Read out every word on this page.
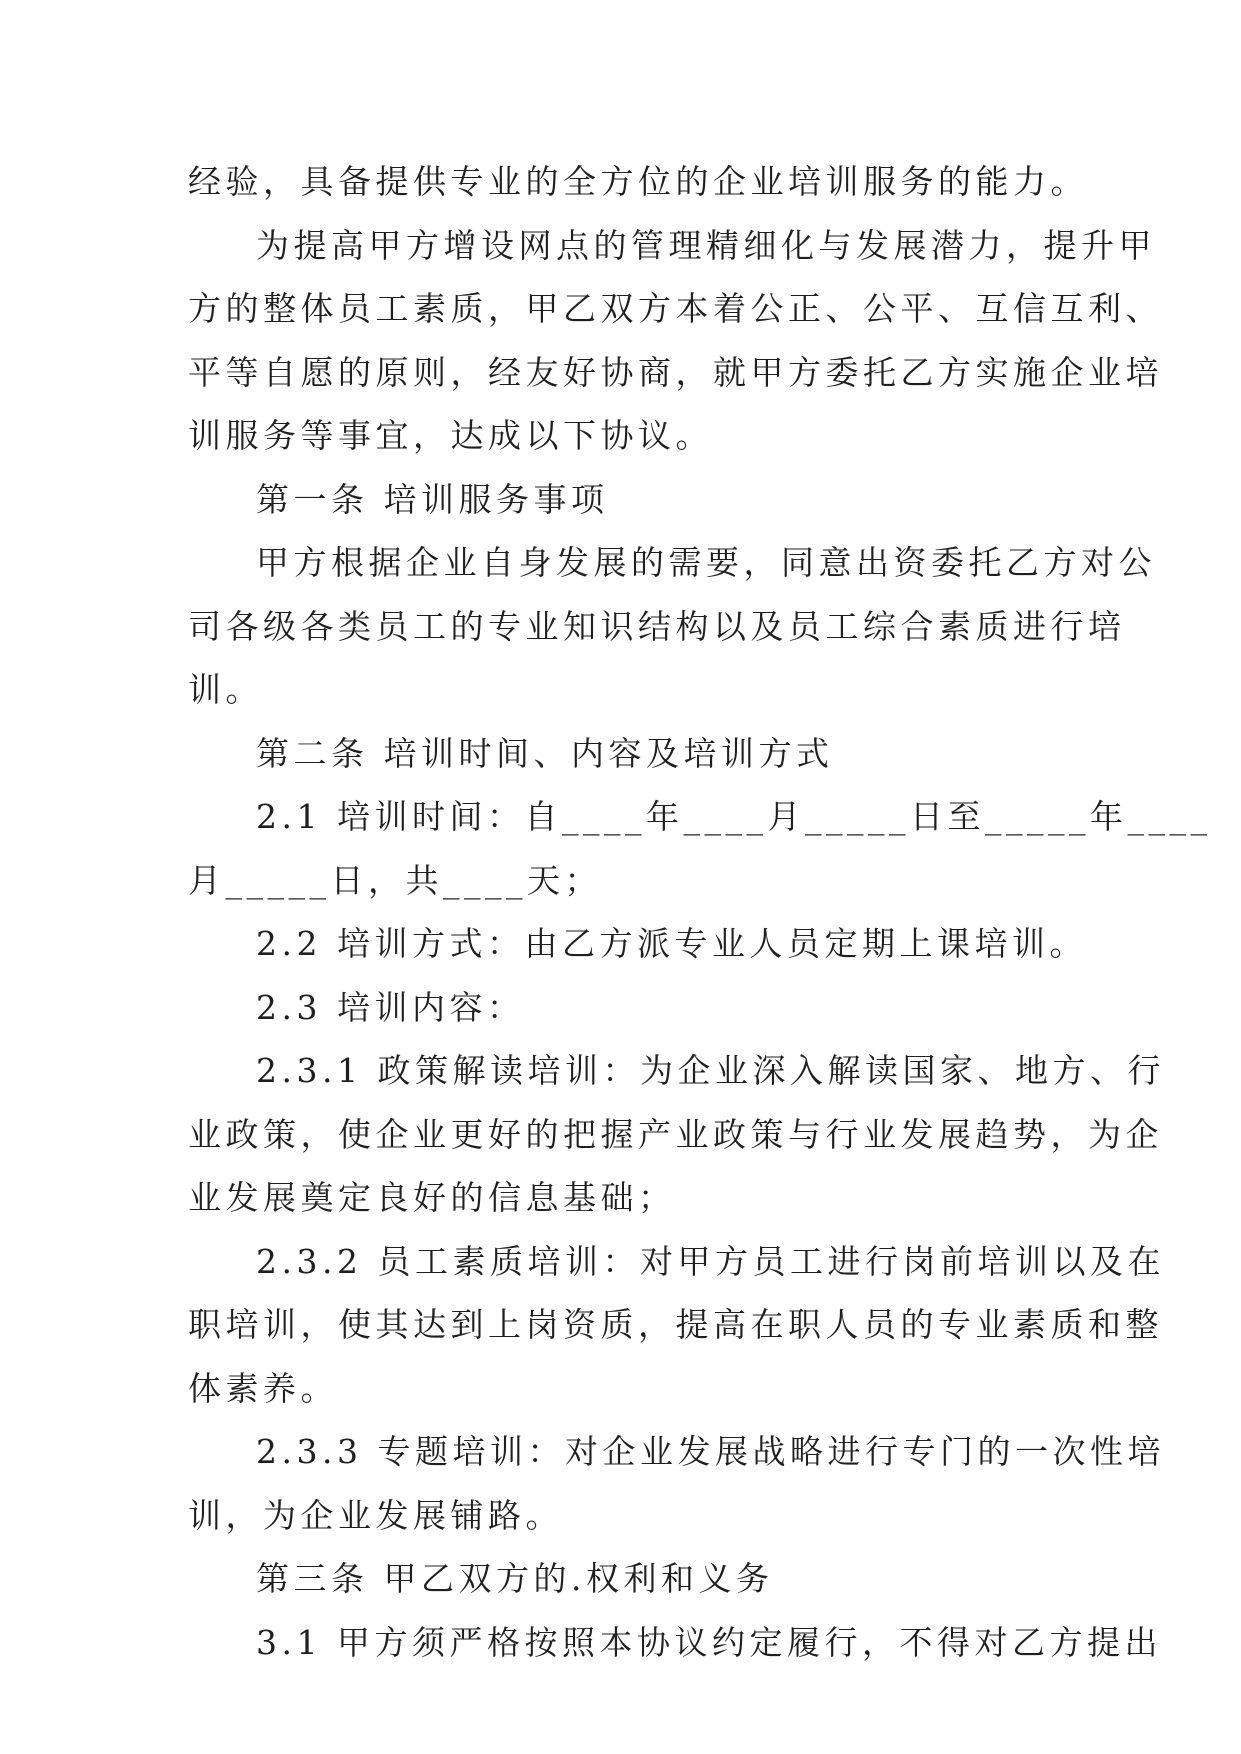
经验，具备提供专业的全方位的企业培训服务的能力。
为提高甲方增设网点的管理精细化与发展潜力，提升甲
方的整体员工素质，甲乙双方本着公正、公平、互信互利、
平等自愿的原则，经友好协商，就甲方委托乙方实施企业培
训服务等事宜，达成以下协议。
第一条 培训服务事项
甲方根据企业自身发展的需要，同意出资委托乙方对公
司各级各类员工的专业知识结构以及员工综合素质进行培
训。
第二条 培训时间、内容及培训方式
2.1 培训时间：自____年____月_____日至_____年____
月_____日，共____天；
2.2 培训方式：由乙方派专业人员定期上课培训。
2.3 培训内容：
2.3.1 政策解读培训：为企业深入解读国家、地方、行
业政策，使企业更好的把握产业政策与行业发展趋势，为企
业发展奠定良好的信息基础；
2.3.2 员工素质培训：对甲方员工进行岗前培训以及在
职培训，使其达到上岗资质，提高在职人员的专业素质和整
体素养。
2.3.3 专题培训：对企业发展战略进行专门的一次性培
训，为企业发展铺路。
第三条 甲乙双方的.权利和义务
3.1 甲方须严格按照本协议约定履行，不得对乙方提出
